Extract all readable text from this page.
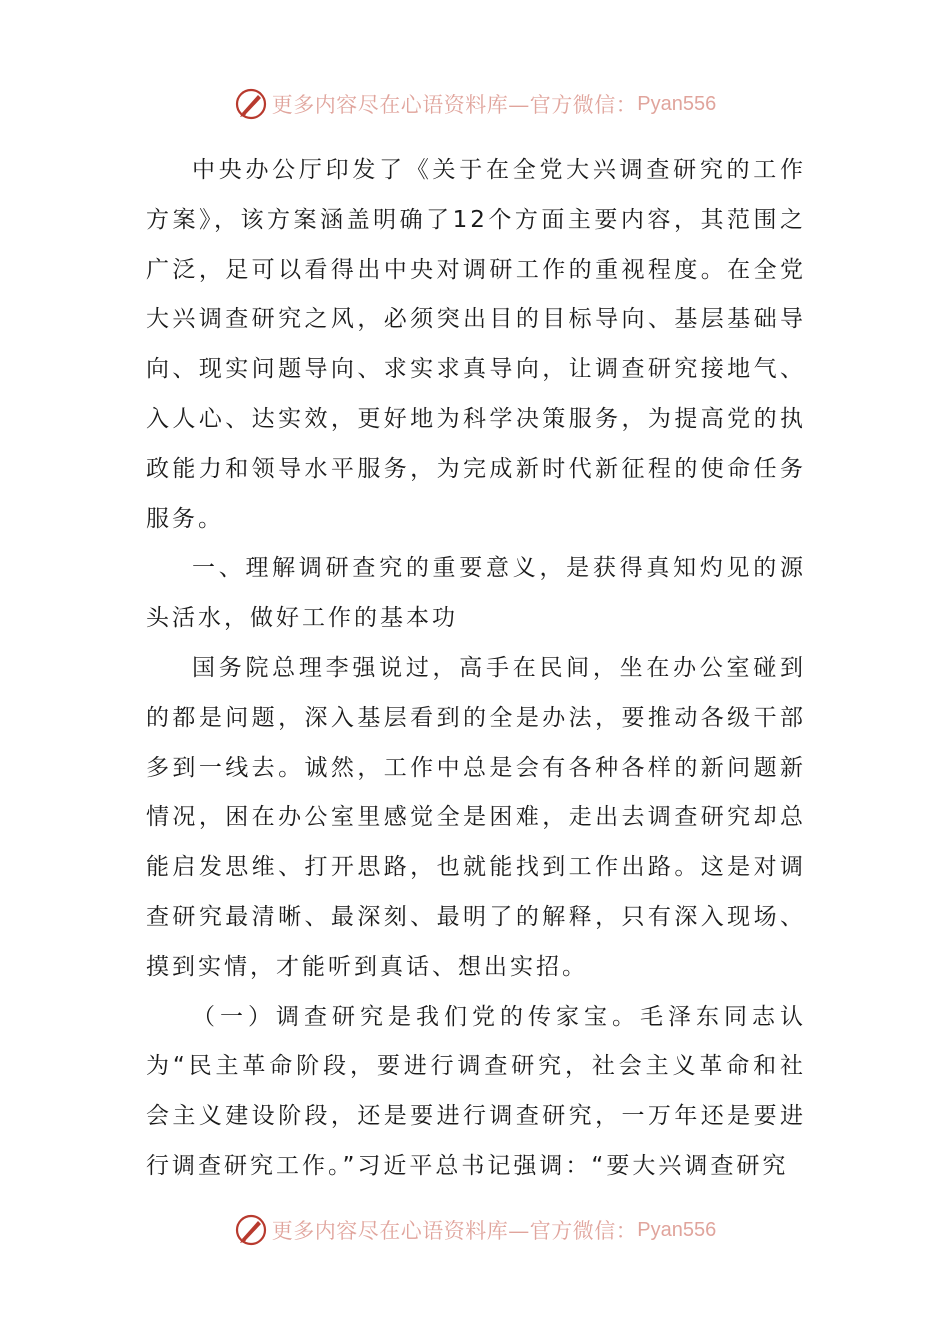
更多内容尽在心语资料库—官方微信： Pyan556

中央办公厅印发了《关于在全党大兴调查研究的工作方案》，该方案涵盖明确了12个方面主要内容，其范围之广泛，足可以看得出中央对调研工作的重视程度。在全党大兴调查研究之风，必须突出目的目标导向、基层基础导向、现实问题导向、求实求真导向，让调查研究接地气、入人心、达实效，更好地为科学决策服务，为提高党的执政能力和领导水平服务，为完成新时代新征程的使命任务服务。

一、理解调研查究的重要意义，是获得真知灼见的源头活水，做好工作的基本功

国务院总理李强说过，高手在民间，坐在办公室碰到的都是问题，深入基层看到的全是办法，要推动各级干部多到一线去。诚然，工作中总是会有各种各样的新问题新情况，困在办公室里感觉全是困难，走出去调查研究却总能启发思维、打开思路，也就能找到工作出路。这是对调查研究最清晰、最深刻、最明了的解释，只有深入现场、摸到实情，才能听到真话、想出实招。

（一）调查研究是我们党的传家宝。毛泽东同志认为“民主革命阶段，要进行调查研究，社会主义革命和社会主义建设阶段，还是要进行调查研究，一万年还是要进行调查研究工作。”习近平总书记强调：“要大兴调查研究

更多内容尽在心语资料库—官方微信： Pyan556
